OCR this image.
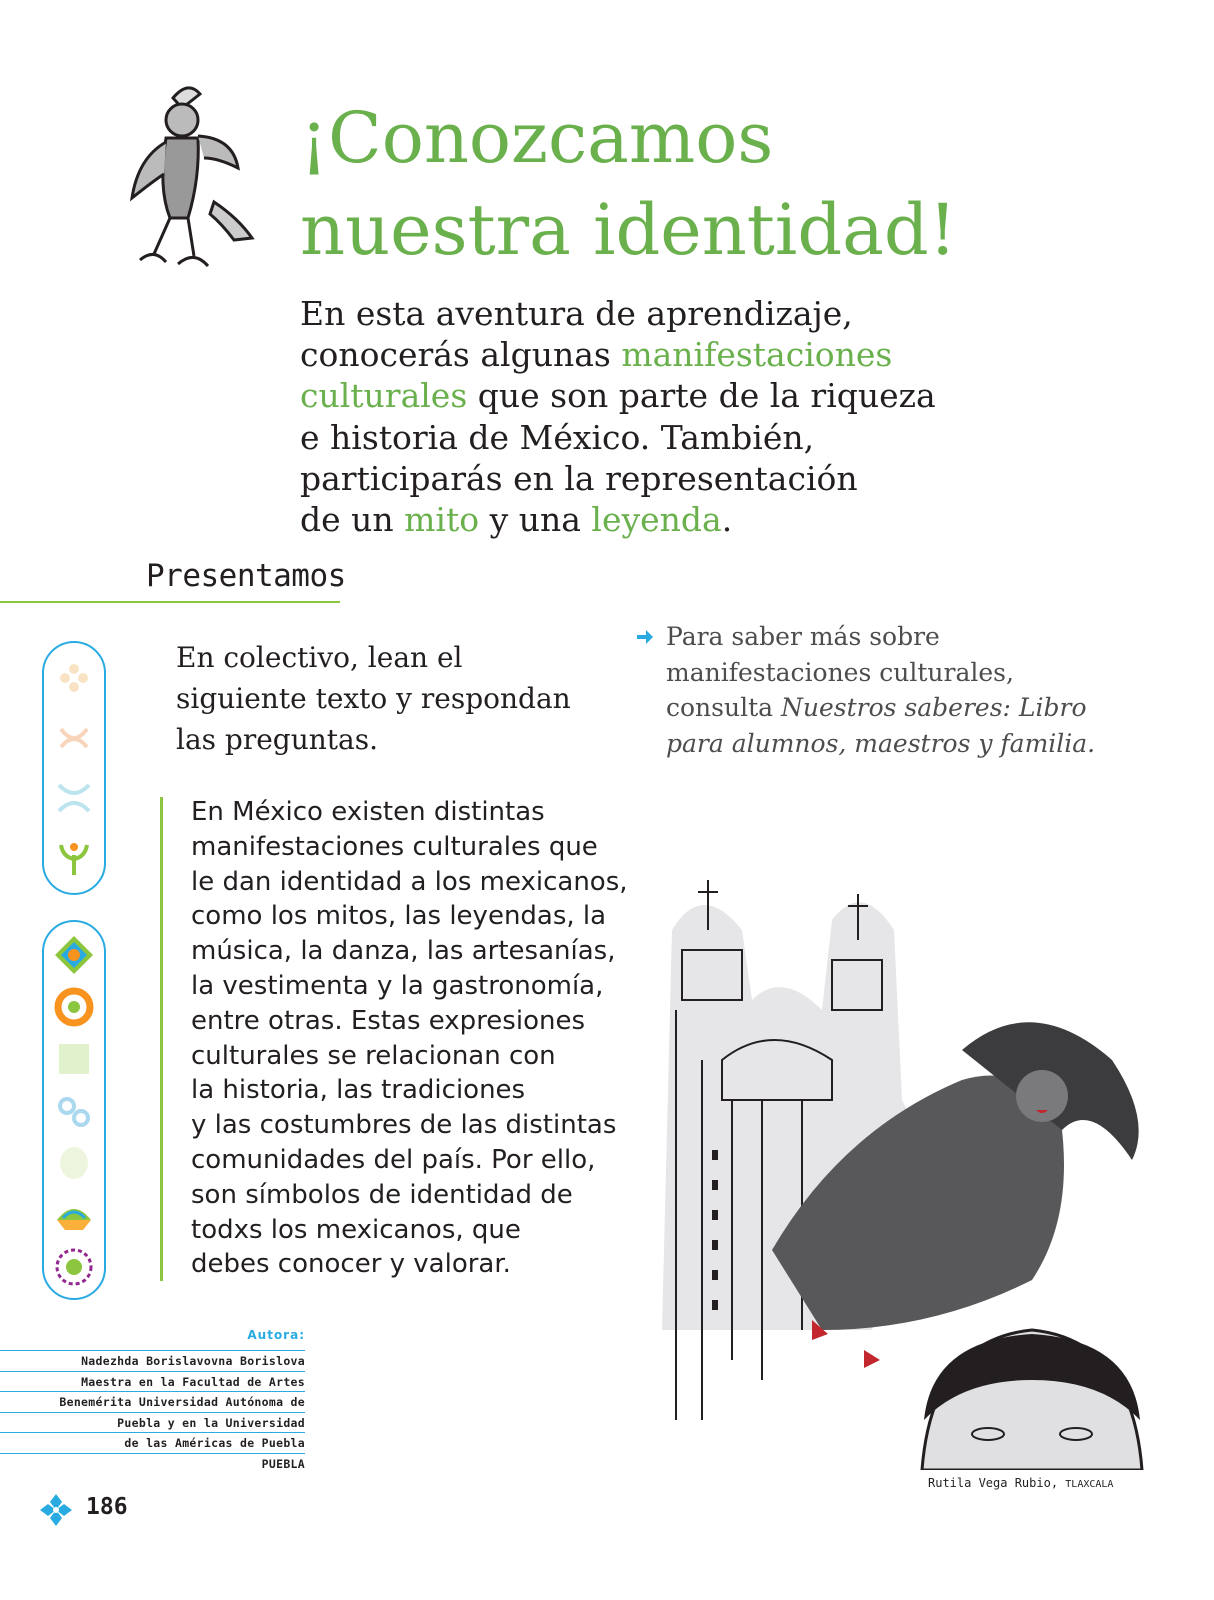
¡Conozcamos
nuestra identidad!

En esta aventura de aprendizaje,

conocerás algunas manifestaciones

culturales que son parte de la riqueza

e historia de México. También,

participarás en la representación

de un mito y una leyenda.

Presentamos

En colectivo, lean el

siguiente texto y respondan

las preguntas.

Para saber más sobre

manifestaciones culturales,

consulta Nuestros saberes: Libro

para alumnos, maestros y familia.

En México existen distintas

manifestaciones culturales que

le dan identidad a los mexicanos,

como los mitos, las leyendas, la

música, la danza, las artesanías,

la vestimenta y la gastronomía,

entre otras. Estas expresiones

culturales se relacionan con

la historia, las tradiciones

y las costumbres de las distintas

comunidades del país. Por ello,

son símbolos de identidad de

todxs los mexicanos, que

debes conocer y valorar.

Autora:
Nadezhda Borislavovna Borislova
Maestra en la Facultad de Artes
Benemérita Universidad Autónoma de
Puebla y en la Universidad
de las Américas de Puebla
PUEBLA
186
Rutila Vega Rubio, TLAXCALA
